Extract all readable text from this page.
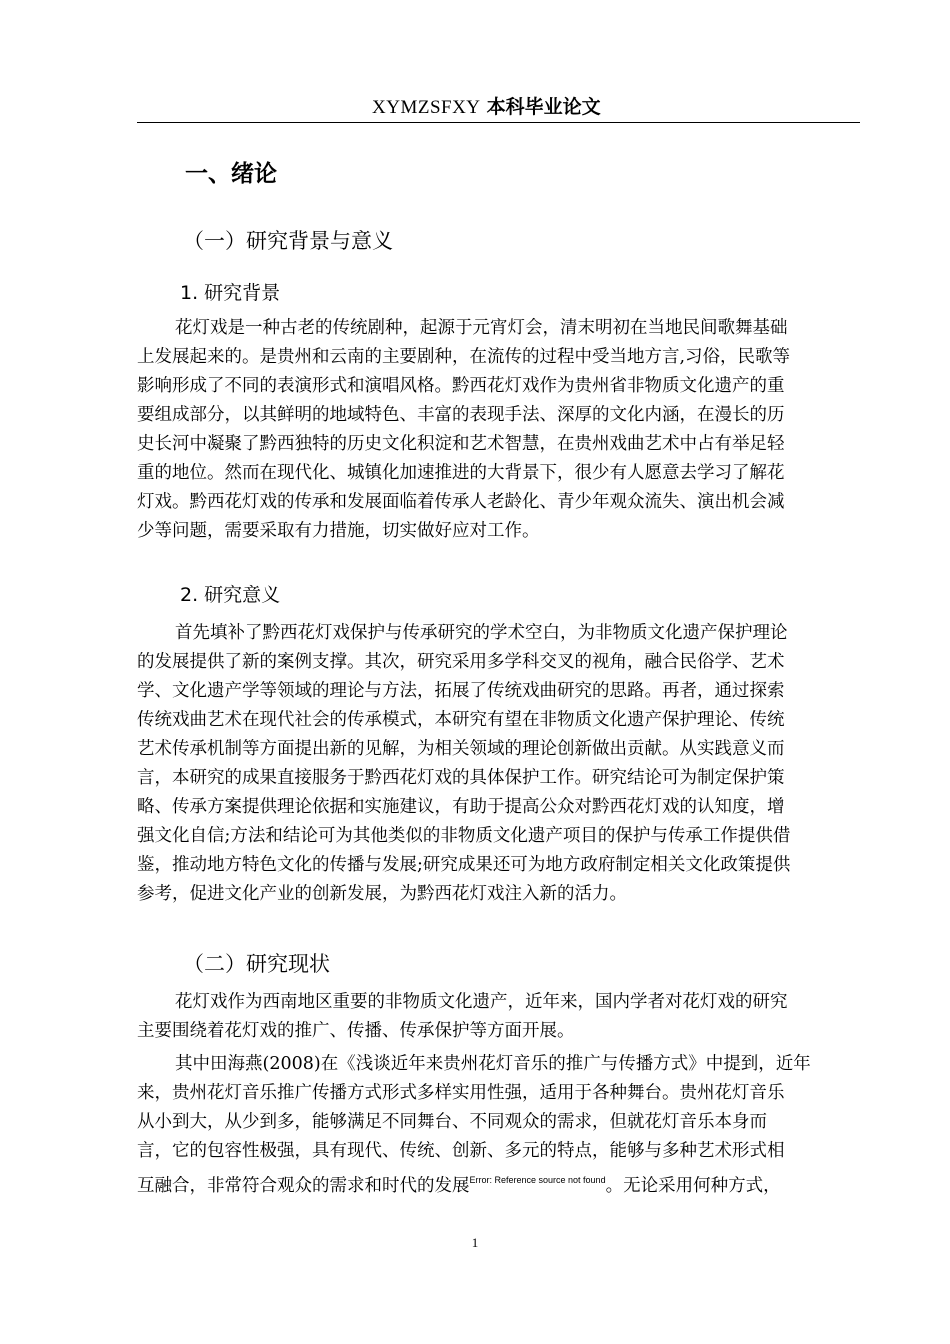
XYMZSFXY 本科毕业论文
一、绪论
（一）研究背景与意义
1. 研究背景
花灯戏是一种古老的传统剧种，起源于元宵灯会，清末明初在当地民间歌舞基础
上发展起来的。是贵州和云南的主要剧种，在流传的过程中受当地方言,习俗，民歌等
影响形成了不同的表演形式和演唱风格。黔西花灯戏作为贵州省非物质文化遗产的重
要组成部分，以其鲜明的地域特色、丰富的表现手法、深厚的文化内涵，在漫长的历
史长河中凝聚了黔西独特的历史文化积淀和艺术智慧，在贵州戏曲艺术中占有举足轻
重的地位。然而在现代化、城镇化加速推进的大背景下，很少有人愿意去学习了解花
灯戏。黔西花灯戏的传承和发展面临着传承人老龄化、青少年观众流失、演出机会减
少等问题，需要采取有力措施，切实做好应对工作。
2. 研究意义
首先填补了黔西花灯戏保护与传承研究的学术空白，为非物质文化遗产保护理论
的发展提供了新的案例支撑。其次，研究采用多学科交叉的视角，融合民俗学、艺术
学、文化遗产学等领域的理论与方法，拓展了传统戏曲研究的思路。再者，通过探索
传统戏曲艺术在现代社会的传承模式，本研究有望在非物质文化遗产保护理论、传统
艺术传承机制等方面提出新的见解，为相关领域的理论创新做出贡献。从实践意义而
言，本研究的成果直接服务于黔西花灯戏的具体保护工作。研究结论可为制定保护策
略、传承方案提供理论依据和实施建议，有助于提高公众对黔西花灯戏的认知度，增
强文化自信;方法和结论可为其他类似的非物质文化遗产项目的保护与传承工作提供借
鉴，推动地方特色文化的传播与发展;研究成果还可为地方政府制定相关文化政策提供
参考，促进文化产业的创新发展，为黔西花灯戏注入新的活力。
（二）研究现状
花灯戏作为西南地区重要的非物质文化遗产，近年来，国内学者对花灯戏的研究
主要围绕着花灯戏的推广、传播、传承保护等方面开展。
其中田海燕(2008)在《浅谈近年来贵州花灯音乐的推广与传播方式》中提到，近年
来，贵州花灯音乐推广传播方式形式多样实用性强，适用于各种舞台。贵州花灯音乐
从小到大，从少到多，能够满足不同舞台、不同观众的需求，但就花灯音乐本身而
言，它的包容性极强，具有现代、传统、创新、多元的特点，能够与多种艺术形式相
互融合，非常符合观众的需求和时代的发展$^{Error: Reference source not found}$。无论采用何种方式，
1
